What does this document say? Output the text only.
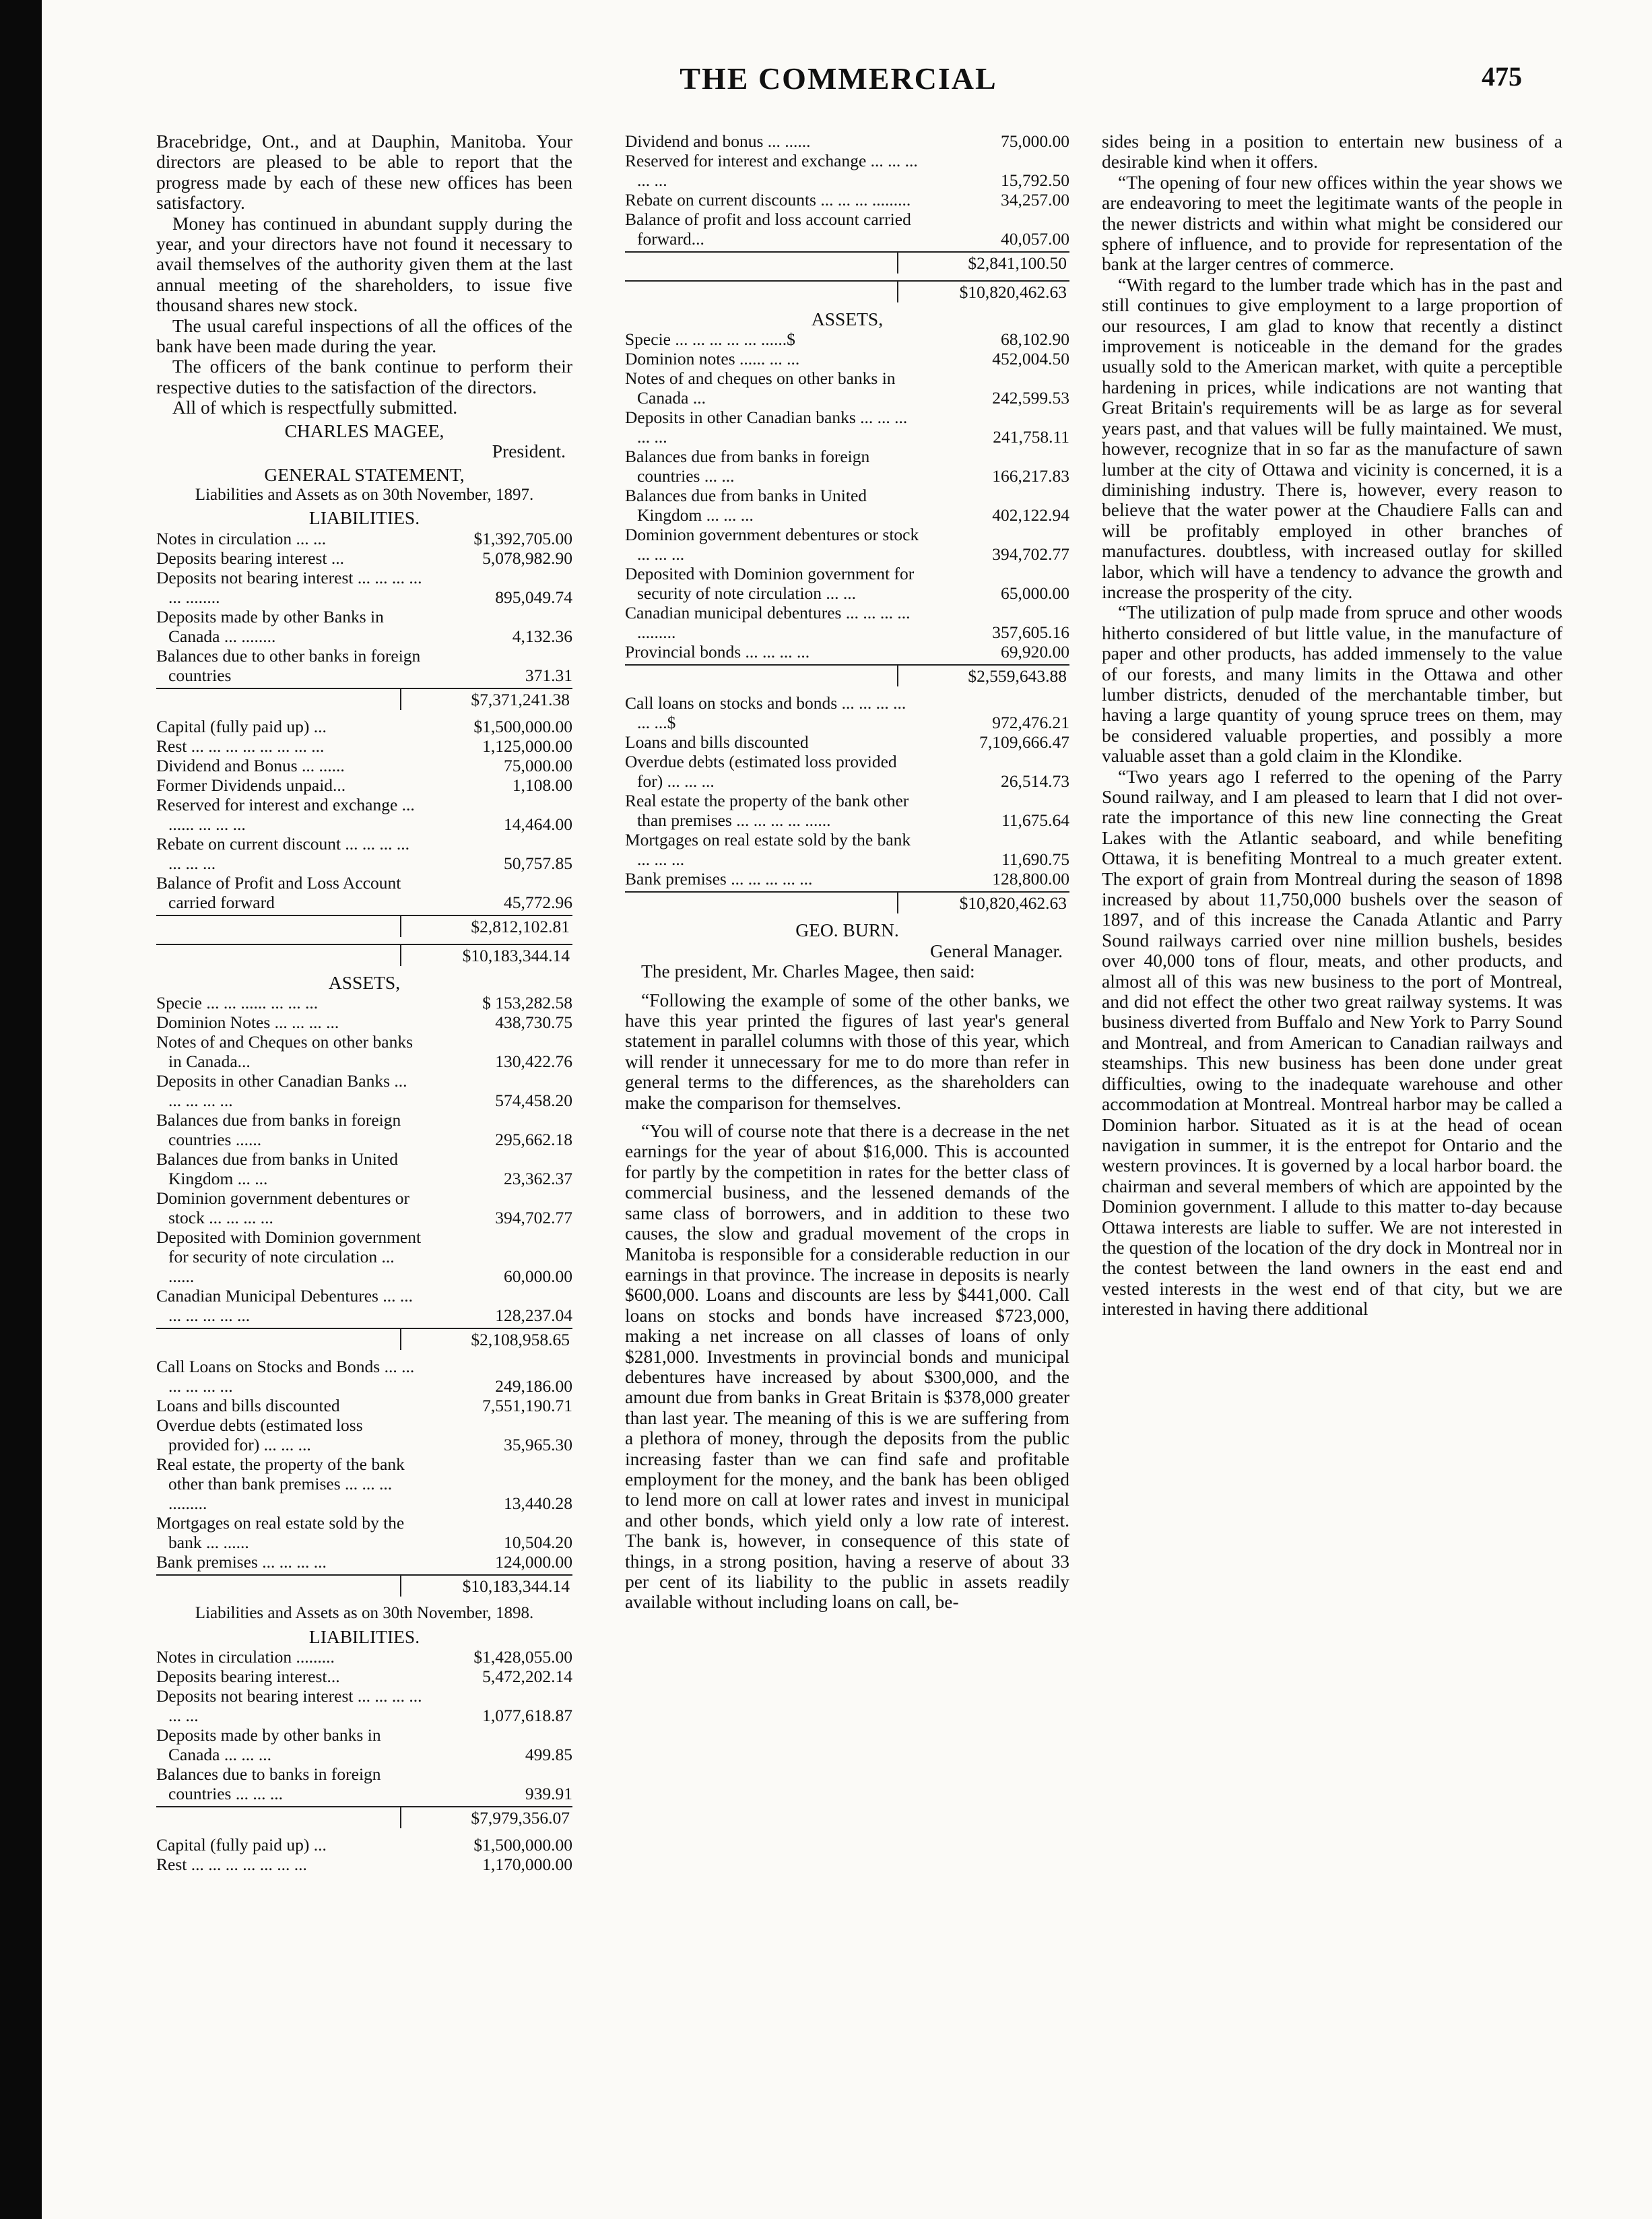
THE COMMERCIAL	475

Bracebridge, Ont., and at Dauphin, Manitoba. Your directors are pleased to be able to report that the progress made by each of these new offices has been satisfactory.

Money has continued in abundant supply during the year, and your directors have not found it necessary to avail themselves of the authority given them at the last annual meeting of the shareholders, to issue five thousand shares new stock.

The usual careful inspections of all the offices of the bank have been made during the year.

The officers of the bank continue to perform their respective duties to the satisfaction of the directors.

All of which is respectfully submitted.

CHARLES MAGEE,
President.
GENERAL STATEMENT,
Liabilities and Assets as on 30th November, 1897.
LIABILITIES.
Notes in circulation ... ...	$1,392,705.00
Deposits bearing interest ...	5,078,982.90
Deposits not bearing interest ... ... ... ... ... ........	895,049.74
Deposits made by other Banks in Canada ... ........	4,132.36
Balances due to other banks in foreign countries	371.31
$7,371,241.38
Capital (fully paid up) ...	$1,500,000.00
Rest ... ... ... ... ... ... ... ...	1,125,000.00
Dividend and Bonus ... ......	75,000.00
Former Dividends unpaid...	1,108.00
Reserved for interest and exchange ... ...... ... ... ...	14,464.00
Rebate on current discount ... ... ... ... ... ... ...	50,757.85
Balance of Profit and Loss Account carried forward	45,772.96
$2,812,102.81
$10,183,344.14
ASSETS,
Specie ... ... ...... ... ... ...	$ 153,282.58
Dominion Notes ... ... ... ...	438,730.75
Notes of and Cheques on other banks in Canada...	130,422.76
Deposits in other Canadian Banks ... ... ... ... ...	574,458.20
Balances due from banks in foreign countries ......	295,662.18
Balances due from banks in United Kingdom ... ...	23,362.37
Dominion government debentures or stock ... ... ... ...	394,702.77
Deposited with Dominion government for security of note circulation ... ......	60,000.00
Canadian Municipal Debentures ... ... ... ... ... ... ...	128,237.04
$2,108,958.65
Call Loans on Stocks and Bonds ... ... ... ... ... ...	249,186.00
Loans and bills discounted	7,551,190.71
Overdue debts (estimated loss provided for) ... ... ...	35,965.30
Real estate, the property of the bank other than bank premises ... ... ... .........	13,440.28
Mortgages on real estate sold by the bank ... ......	10,504.20
Bank premises ... ... ... ...	124,000.00
$10,183,344.14
Liabilities and Assets as on 30th November, 1898.
LIABILITIES.
Notes in circulation .........	$1,428,055.00
Deposits bearing interest...	5,472,202.14
Deposits not bearing interest ... ... ... ... ... ...	1,077,618.87
Deposits made by other banks in Canada ... ... ...	499.85
Balances due to banks in foreign countries ... ... ...	939.91
$7,979,356.07
Capital (fully paid up) ...	$1,500,000.00
Rest ... ... ... ... ... ... ...	1,170,000.00
Dividend and bonus ... ......	75,000.00
Reserved for interest and exchange ... ... ... ... ...	15,792.50
Rebate on current discounts ... ... ... .........	34,257.00
Balance of profit and loss account carried forward...	40,057.00
$2,841,100.50
$10,820,462.63
ASSETS,
Specie ... ... ... ... ... ......$	68,102.90
Dominion notes ...... ... ...	452,004.50
Notes of and cheques on other banks in Canada ...	242,599.53
Deposits in other Canadian banks ... ... ... ... ...	241,758.11
Balances due from banks in foreign countries ... ...	166,217.83
Balances due from banks in United Kingdom ... ... ...	402,122.94
Dominion government debentures or stock ... ... ...	394,702.77
Deposited with Dominion government for security of note circulation ... ...	65,000.00
Canadian municipal debentures ... ... ... ... .........	357,605.16
Provincial bonds ... ... ... ...	69,920.00
$2,559,643.88
Call loans on stocks and bonds ... ... ... ... ... ...$	972,476.21
Loans and bills discounted	7,109,666.47
Overdue debts (estimated loss provided for) ... ... ...	26,514.73
Real estate the property of the bank other than premises ... ... ... ... ......	11,675.64
Mortgages on real estate sold by the bank ... ... ...	11,690.75
Bank premises ... ... ... ... ...	128,800.00
$10,820,462.63
GEO. BURN.
General Manager.

The president, Mr. Charles Magee, then said:

“Following the example of some of the other banks, we have this year printed the figures of last year's general statement in parallel columns with those of this year, which will render it unnecessary for me to do more than refer in general terms to the differences, as the shareholders can make the comparison for themselves.

“You will of course note that there is a decrease in the net earnings for the year of about $16,000. This is accounted for partly by the competition in rates for the better class of commercial business, and the lessened demands of the same class of borrowers, and in addition to these two causes, the slow and gradual movement of the crops in Manitoba is responsible for a considerable reduction in our earnings in that province. The increase in deposits is nearly $600,000. Loans and discounts are less by $441,000. Call loans on stocks and bonds have increased $723,000, making a net increase on all classes of loans of only $281,000. Investments in provincial bonds and municipal debentures have increased by about $300,000, and the amount due from banks in Great Britain is $378,000 greater than last year. The meaning of this is we are suffering from a plethora of money, through the deposits from the public increasing faster than we can find safe and profitable employment for the money, and the bank has been obliged to lend more on call at lower rates and invest in municipal and other bonds, which yield only a low rate of interest. The bank is, however, in consequence of this state of things, in a strong position, having a reserve of about 33 per cent of its liability to the public in assets readily available without including loans on call, be-

sides being in a position to entertain new business of a desirable kind when it offers.

“The opening of four new offices within the year shows we are endeavoring to meet the legitimate wants of the people in the newer districts and within what might be considered our sphere of influence, and to provide for representation of the bank at the larger centres of commerce.

“With regard to the lumber trade which has in the past and still continues to give employment to a large proportion of our resources, I am glad to know that recently a distinct improvement is noticeable in the demand for the grades usually sold to the American market, with quite a perceptible hardening in prices, while indications are not wanting that Great Britain's requirements will be as large as for several years past, and that values will be fully maintained. We must, however, recognize that in so far as the manufacture of sawn lumber at the city of Ottawa and vicinity is concerned, it is a diminishing industry. There is, however, every reason to believe that the water power at the Chaudiere Falls can and will be profitably employed in other branches of manufactures. doubtless, with increased outlay for skilled labor, which will have a tendency to advance the growth and increase the prosperity of the city.

“The utilization of pulp made from spruce and other woods hitherto considered of but little value, in the manufacture of paper and other products, has added immensely to the value of our forests, and many limits in the Ottawa and other lumber districts, denuded of the merchantable timber, but having a large quantity of young spruce trees on them, may be considered valuable properties, and possibly a more valuable asset than a gold claim in the Klondike.

“Two years ago I referred to the opening of the Parry Sound railway, and I am pleased to learn that I did not over-rate the importance of this new line connecting the Great Lakes with the Atlantic seaboard, and while benefiting Ottawa, it is benefiting Montreal to a much greater extent. The export of grain from Montreal during the season of 1898 increased by about 11,750,000 bushels over the season of 1897, and of this increase the Canada Atlantic and Parry Sound railways carried over nine million bushels, besides over 40,000 tons of flour, meats, and other products, and almost all of this was new business to the port of Montreal, and did not effect the other two great railway systems. It was business diverted from Buffalo and New York to Parry Sound and Montreal, and from American to Canadian railways and steamships. This new business has been done under great difficulties, owing to the inadequate warehouse and other accommodation at Montreal. Montreal harbor may be called a Dominion harbor. Situated as it is at the head of ocean navigation in summer, it is the entrepot for Ontario and the western provinces. It is governed by a local harbor board. the chairman and several members of which are appointed by the Dominion government. I allude to this matter to-day because Ottawa interests are liable to suffer. We are not interested in the question of the location of the dry dock in Montreal nor in the contest between the land owners in the east end and vested interests in the west end of that city, but we are interested in having there additional
